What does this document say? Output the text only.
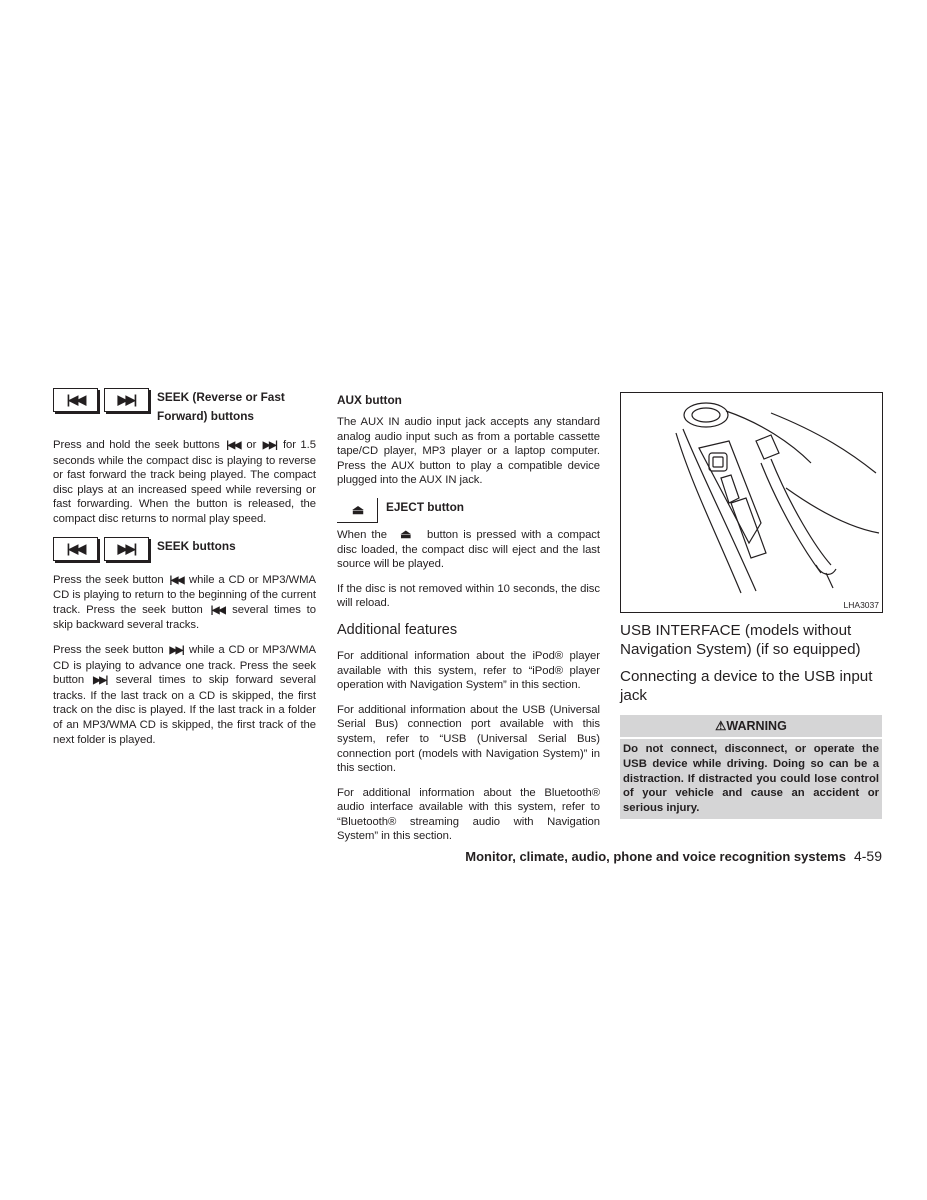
|◀◀	▶▶|	SEEK (Reverse or Fast
Forward) buttons

Press and hold the seek buttons |◀◀ or ▶▶| for 1.5 seconds while the compact disc is playing to reverse or fast forward the track being played. The compact disc plays at an increased speed while reversing or fast forwarding. When the button is released, the compact disc returns to normal play speed.

|◀◀	▶▶|	SEEK buttons

Press the seek button |◀◀ while a CD or MP3/WMA CD is playing to return to the beginning of the current track. Press the seek button |◀◀ several times to skip backward several tracks.

Press the seek button ▶▶| while a CD or MP3/WMA CD is playing to advance one track. Press the seek button ▶▶| several times to skip forward several tracks. If the last track on a CD is skipped, the first track on the disc is played. If the last track in a folder of an MP3/WMA CD is skipped, the first track of the next folder is played.

AUX button

The AUX IN audio input jack accepts any standard analog audio input such as from a portable cassette tape/CD player, MP3 player or a laptop computer. Press the AUX button to play a compatible device plugged into the AUX IN jack.

⏏	EJECT button

When the ⏏ button is pressed with a compact disc loaded, the compact disc will eject and the last source will be played.

If the disc is not removed within 10 seconds, the disc will reload.

Additional features

For additional information about the iPod® player available with this system, refer to “iPod® player operation with Navigation System” in this section.

For additional information about the USB (Universal Serial Bus) connection port available with this system, refer to “USB (Universal Serial Bus) connection port (models with Navigation System)” in this section.

For additional information about the Bluetooth® audio interface available with this system, refer to “Bluetooth® streaming audio with Navigation System” in this section.

LHA3037
USB INTERFACE (models without Navigation System) (if so equipped)
Connecting a device to the USB input jack
⚠WARNING
Do not connect, disconnect, or operate the USB device while driving. Doing so can be a distraction. If distracted you could lose control of your vehicle and cause an accident or serious injury.
Monitor, climate, audio, phone and voice recognition systems 4-59
